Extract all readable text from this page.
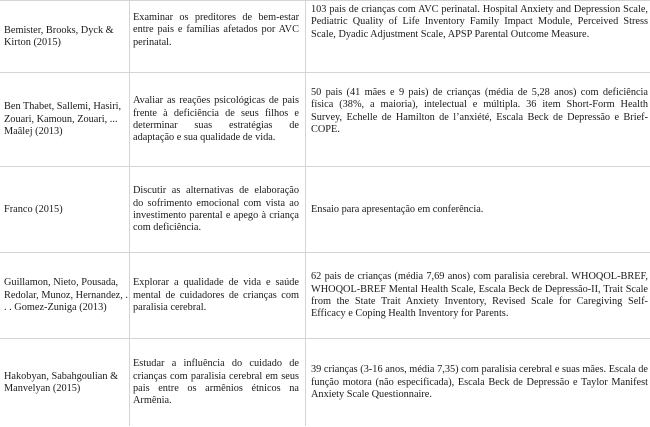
Bemister, Brooks, Dyck & Kirton (2015)
Examinar os preditores de bem-estar entre pais e famílias afetados por AVC perinatal.
103 pais de crianças com AVC perinatal. Hospital Anxiety and Depression Scale, Pediatric Quality of Life Inventory Family Impact Module, Perceived Stress Scale, Dyadic Adjustment Scale, APSP Parental Outcome Measure.
Ben Thabet, Sallemi, Hasiri, Zouari, Kamoun, Zouari, ... Maâlej (2013)
Avaliar as reações psicológicas de pais frente à deficiência de seus filhos e determinar suas estratégias de adaptação e sua qualidade de vida.
50 pais (41 mães e 9 pais) de crianças (média de 5,28 anos) com deficiência física (38%, a maioria), intelectual e múltipla. 36 item Short-Form Health Survey, Echelle de Hamilton de l’anxiété, Escala Beck de Depressão e Brief-COPE.
Franco (2015)
Discutir as alternativas de elaboração do sofrimento emocional com vista ao investimento parental e apego à criança com deficiência.
Ensaio para apresentação em conferência.
Guillamon, Nieto, Pousada, Redolar, Munoz, Hernandez, . . . Gomez-Zuniga (2013)
Explorar a qualidade de vida e saúde mental de cuidadores de crianças com paralisia cerebral.
62 pais de crianças (média 7,69 anos) com paralisia cerebral. WHOQOL-BREF, WHOQOL-BREF Mental Health Scale, Escala Beck de Depressão-II, Trait Scale from the State Trait Anxiety Inventory, Revised Scale for Caregiving Self-Efficacy e Coping Health Inventory for Parents.
Hakobyan, Sabahgoulian & Manvelyan (2015)
Estudar a influência do cuidado de crianças com paralisia cerebral em seus pais entre os armênios étnicos na Armênia.
39 crianças (3-16 anos, média 7,35) com paralisia cerebral e suas mães. Escala de função motora (não especificada), Escala Beck de Depressão e Taylor Manifest Anxiety Scale Questionnaire.
